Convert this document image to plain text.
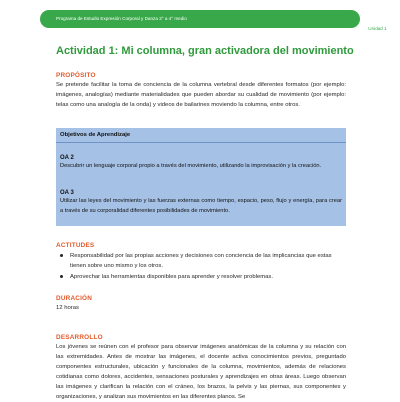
Programa de Estudio Expresión Corporal y Danza 3° a 4° medio
Unidad 1
Actividad 1: Mi columna, gran activadora del movimiento
PROPÓSITO
Se pretende facilitar la toma de conciencia de la columna vertebral desde diferentes formatos (por ejemplo: imágenes, analogías) mediante materialidades que pueden abordar su cualidad de movimiento (por ejemplo: telas como una analogía de la onda) y videos de bailarines moviendo la columna, entre otros.
Objetivos de Aprendizaje
OA 2
Descubrir un lenguaje corporal propio a través del movimiento, utilizando la improvisación y la creación.
OA 3
Utilizar las leyes del movimiento y las fuerzas externas como tiempo, espacio, peso, flujo y energía, para crear a través de su corporalidad diferentes posibilidades de movimiento.
ACTITUDES
Responsabilidad por las propias acciones y decisiones con conciencia de las implicancias que estas tienen sobre uno mismo y los otros.
Aprovechar las herramientas disponibles para aprender y resolver problemas.
DURACIÓN
12 horas
DESARROLLO
Los jóvenes se reúnen con el profesor para observar imágenes anatómicas de la columna y su relación con las extremidades. Antes de mostrar las imágenes, el docente activa conocimientos previos, preguntado componentes estructurales, ubicación y funcionales de la columna, movimientos, además de relaciones cotidianas como dolores, accidentes, sensaciones posturales y aprendizajes en otras áreas. Luego observan las imágenes y clarifican la relación con el cráneo, los brazos, la pelvis y las piernas, sus componentes y organizaciones, y analizan sus movimientos en las diferentes planos. Se
